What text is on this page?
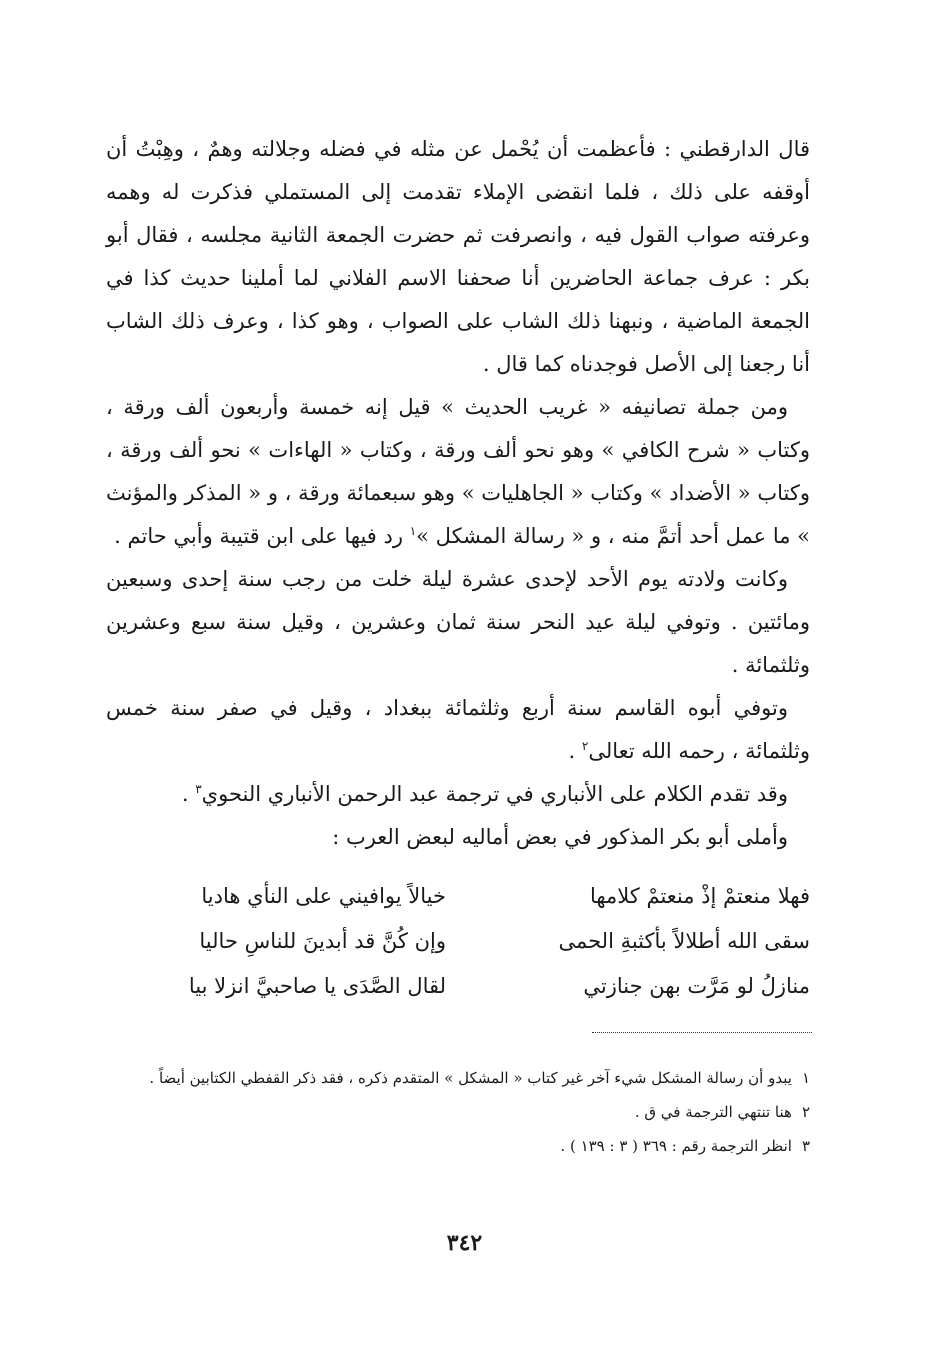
قال الدارقطني : فأعظمت أن يُحْمل عن مثله في فضله وجلالته وهمٌ ، وهِبْتُ أن أوقفه على ذلك ، فلما انقضى الإملاء تقدمت إلى المستملي فذكرت له وهمه وعرفته صواب القول فيه ، وانصرفت ثم حضرت الجمعة الثانية مجلسه ، فقال أبو بكر : عرف جماعة الحاضرين أنا صحفنا الاسم الفلاني لما أملينا حديث كذا في الجمعة الماضية ، ونبهنا ذلك الشاب على الصواب ، وهو كذا ، وعرف ذلك الشاب أنا رجعنا إلى الأصل فوجدناه كما قال .

ومن جملة تصانيفه « غريب الحديث » قيل إنه خمسة وأربعون ألف ورقة ، وكتاب « شرح الكافي » وهو نحو ألف ورقة ، وكتاب « الهاءات » نحو ألف ورقة ، وكتاب « الأضداد » وكتاب « الجاهليات » وهو سبعمائة ورقة ، و « المذكر والمؤنث » ما عمل أحد أتمَّ منه ، و « رسالة المشكل »$^١$ رد فيها على ابن قتيبة وأبي حاتم .

وكانت ولادته يوم الأحد لإحدى عشرة ليلة خلت من رجب سنة إحدى وسبعين ومائتين . وتوفي ليلة عيد النحر سنة ثمان وعشرين ، وقيل سنة سبع وعشرين وثلثمائة .

وتوفي أبوه القاسم سنة أربع وثلثمائة ببغداد ، وقيل في صفر سنة خمس وثلثمائة ، رحمه الله تعالى$^٢$ .

وقد تقدم الكلام على الأنباري في ترجمة عبد الرحمن الأنباري النحوي$^٣$ .

وأملى أبو بكر المذكور في بعض أماليه لبعض العرب :

فهلا منعتمْ إذْ منعتمْ كلامها
خيالاً يوافيني على النأي هاديا
سقى الله أطلالاً بأكثبةِ الحمى
وإن كُنَّ قد أبدينَ للناسِ حاليا
منازلُ لو مَرَّت بهن جنازتي
لقال الصَّدَى يا صاحبيَّ انزلا بيا

١يبدو أن رسالة المشكل شيء آخر غير كتاب « المشكل » المتقدم ذكره ، فقد ذكر القفطي الكتابين أيضاً .

٢هنا تنتهي الترجمة في ق .

٣انظر الترجمة رقم : ٣٦٩ ( ٣ : ١٣٩ ) .

٣٤٢
